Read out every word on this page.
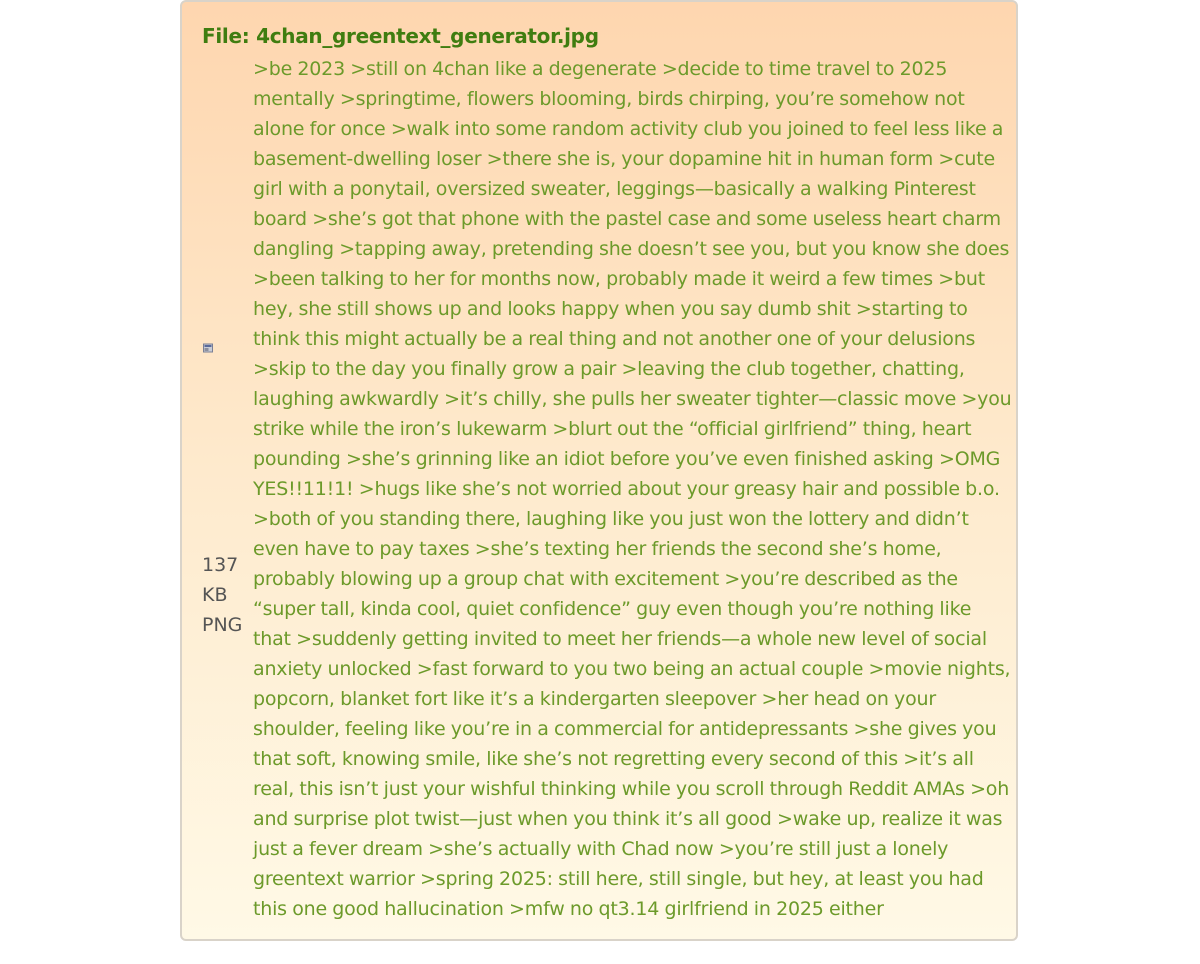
File: 4chan_greentext_generator.jpg
137
KB
PNG
>be 2023 >still on 4chan like a degenerate >decide to time travel to 2025 mentally >springtime, flowers blooming, birds chirping, you’re somehow not alone for once >walk into some random activity club you joined to feel less like a basement-dwelling loser >there she is, your dopamine hit in human form >cute girl with a ponytail, oversized sweater, leggings—basically a walking Pinterest board >she’s got that phone with the pastel case and some useless heart charm dangling >tapping away, pretending she doesn’t see you, but you know she does >been talking to her for months now, probably made it weird a few times >but hey, she still shows up and looks happy when you say dumb shit >starting to think this might actually be a real thing and not another one of your delusions >skip to the day you finally grow a pair >leaving the club together, chatting, laughing awkwardly >it’s chilly, she pulls her sweater tighter—classic move >you strike while the iron’s lukewarm >blurt out the “official girlfriend” thing, heart pounding >she’s grinning like an idiot before you’ve even finished asking >OMG YES!!11!1! >hugs like she’s not worried about your greasy hair and possible b.o. >both of you standing there, laughing like you just won the lottery and didn’t even have to pay taxes >she’s texting her friends the second she’s home, probably blowing up a group chat with excitement >you’re described as the “super tall, kinda cool, quiet confidence” guy even though you’re nothing like that >suddenly getting invited to meet her friends—a whole new level of social anxiety unlocked >fast forward to you two being an actual couple >movie nights, popcorn, blanket fort like it’s a kindergarten sleepover >her head on your shoulder, feeling like you’re in a commercial for antidepressants >she gives you that soft, knowing smile, like she’s not regretting every second of this >it’s all real, this isn’t just your wishful thinking while you scroll through Reddit AMAs >oh and surprise plot twist—just when you think it’s all good >wake up, realize it was just a fever dream >she’s actually with Chad now >you’re still just a lonely greentext warrior >spring 2025: still here, still single, but hey, at least you had this one good hallucination >mfw no qt3.14 girlfriend in 2025 either
